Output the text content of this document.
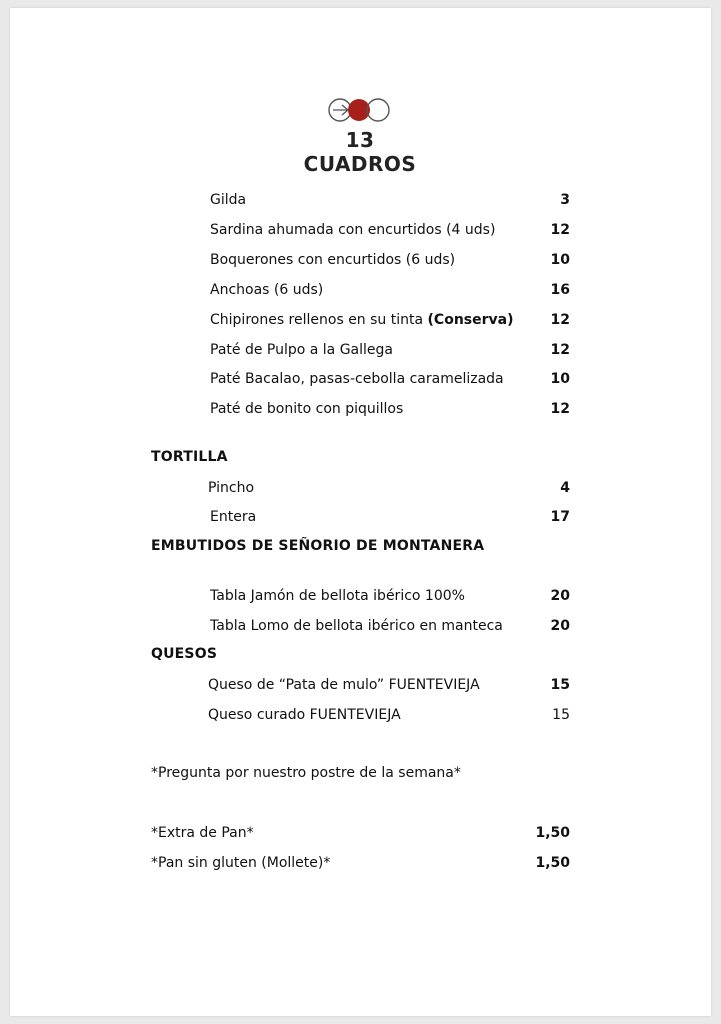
13 CUADROS
Gilda	3
Sardina ahumada con encurtidos (4 uds)	12
Boquerones con encurtidos (6 uds)	10
Anchoas (6 uds)	16
Chipirones rellenos en su tinta (Conserva)	12
Paté de Pulpo a la Gallega	12
Paté Bacalao, pasas-cebolla caramelizada	10
Paté de bonito con piquillos	12
TORTILLA
Pincho	4
Entera	17
EMBUTIDOS DE SEÑORIO DE MONTANERA
Tabla Jamón de bellota ibérico 100%	20
Tabla Lomo de bellota ibérico en manteca	20
QUESOS
Queso de “Pata de mulo” FUENTEVIEJA	15
Queso curado FUENTEVIEJA	15
*Pregunta por nuestro postre de la semana*
*Extra de Pan*	1,50
*Pan sin gluten (Mollete)*	1,50
